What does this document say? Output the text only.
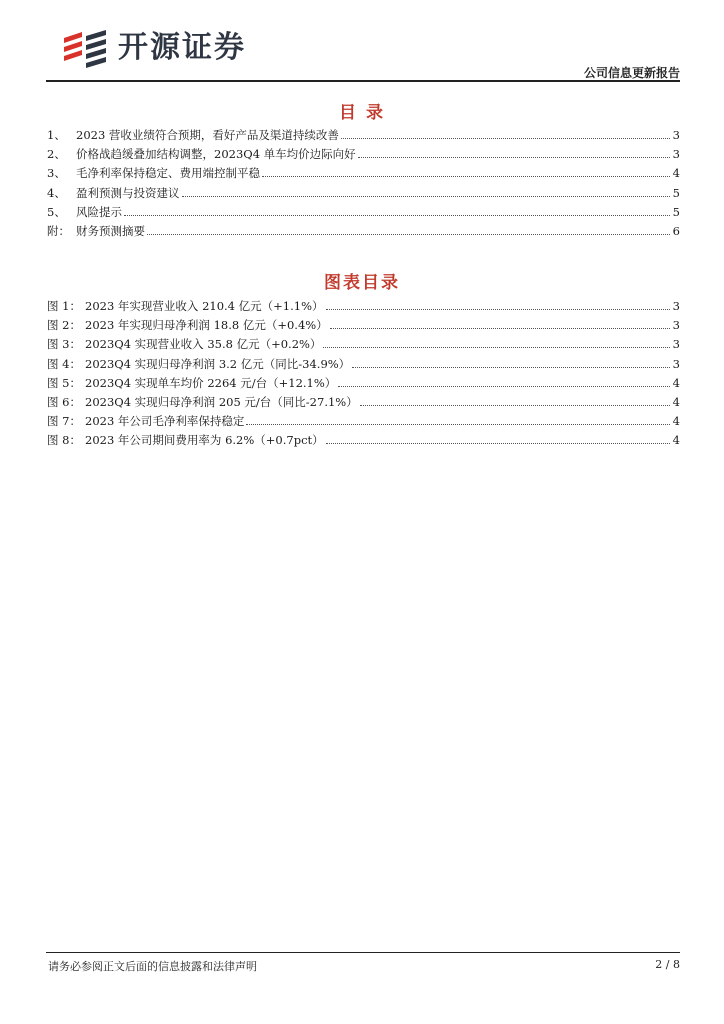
开源证券
公司信息更新报告
目 录
1、 2023 营收业绩符合预期，看好产品及渠道持续改善	3
2、 价格战趋缓叠加结构调整，2023Q4 单车均价边际向好	3
3、 毛净利率保持稳定、费用端控制平稳	4
4、 盈利预测与投资建议	5
5、 风险提示	5
附： 财务预测摘要	6
图表目录
图 1： 2023 年实现营业收入 210.4 亿元（+1.1%）	3
图 2： 2023 年实现归母净利润 18.8 亿元（+0.4%）	3
图 3： 2023Q4 实现营业收入 35.8 亿元（+0.2%）	3
图 4： 2023Q4 实现归母净利润 3.2 亿元（同比-34.9%）	3
图 5： 2023Q4 实现单车均价 2264 元/台（+12.1%）	4
图 6： 2023Q4 实现归母净利润 205 元/台（同比-27.1%）	4
图 7： 2023 年公司毛净利率保持稳定	4
图 8： 2023 年公司期间费用率为 6.2%（+0.7pct）	4
请务必参阅正文后面的信息披露和法律声明	2 / 8
